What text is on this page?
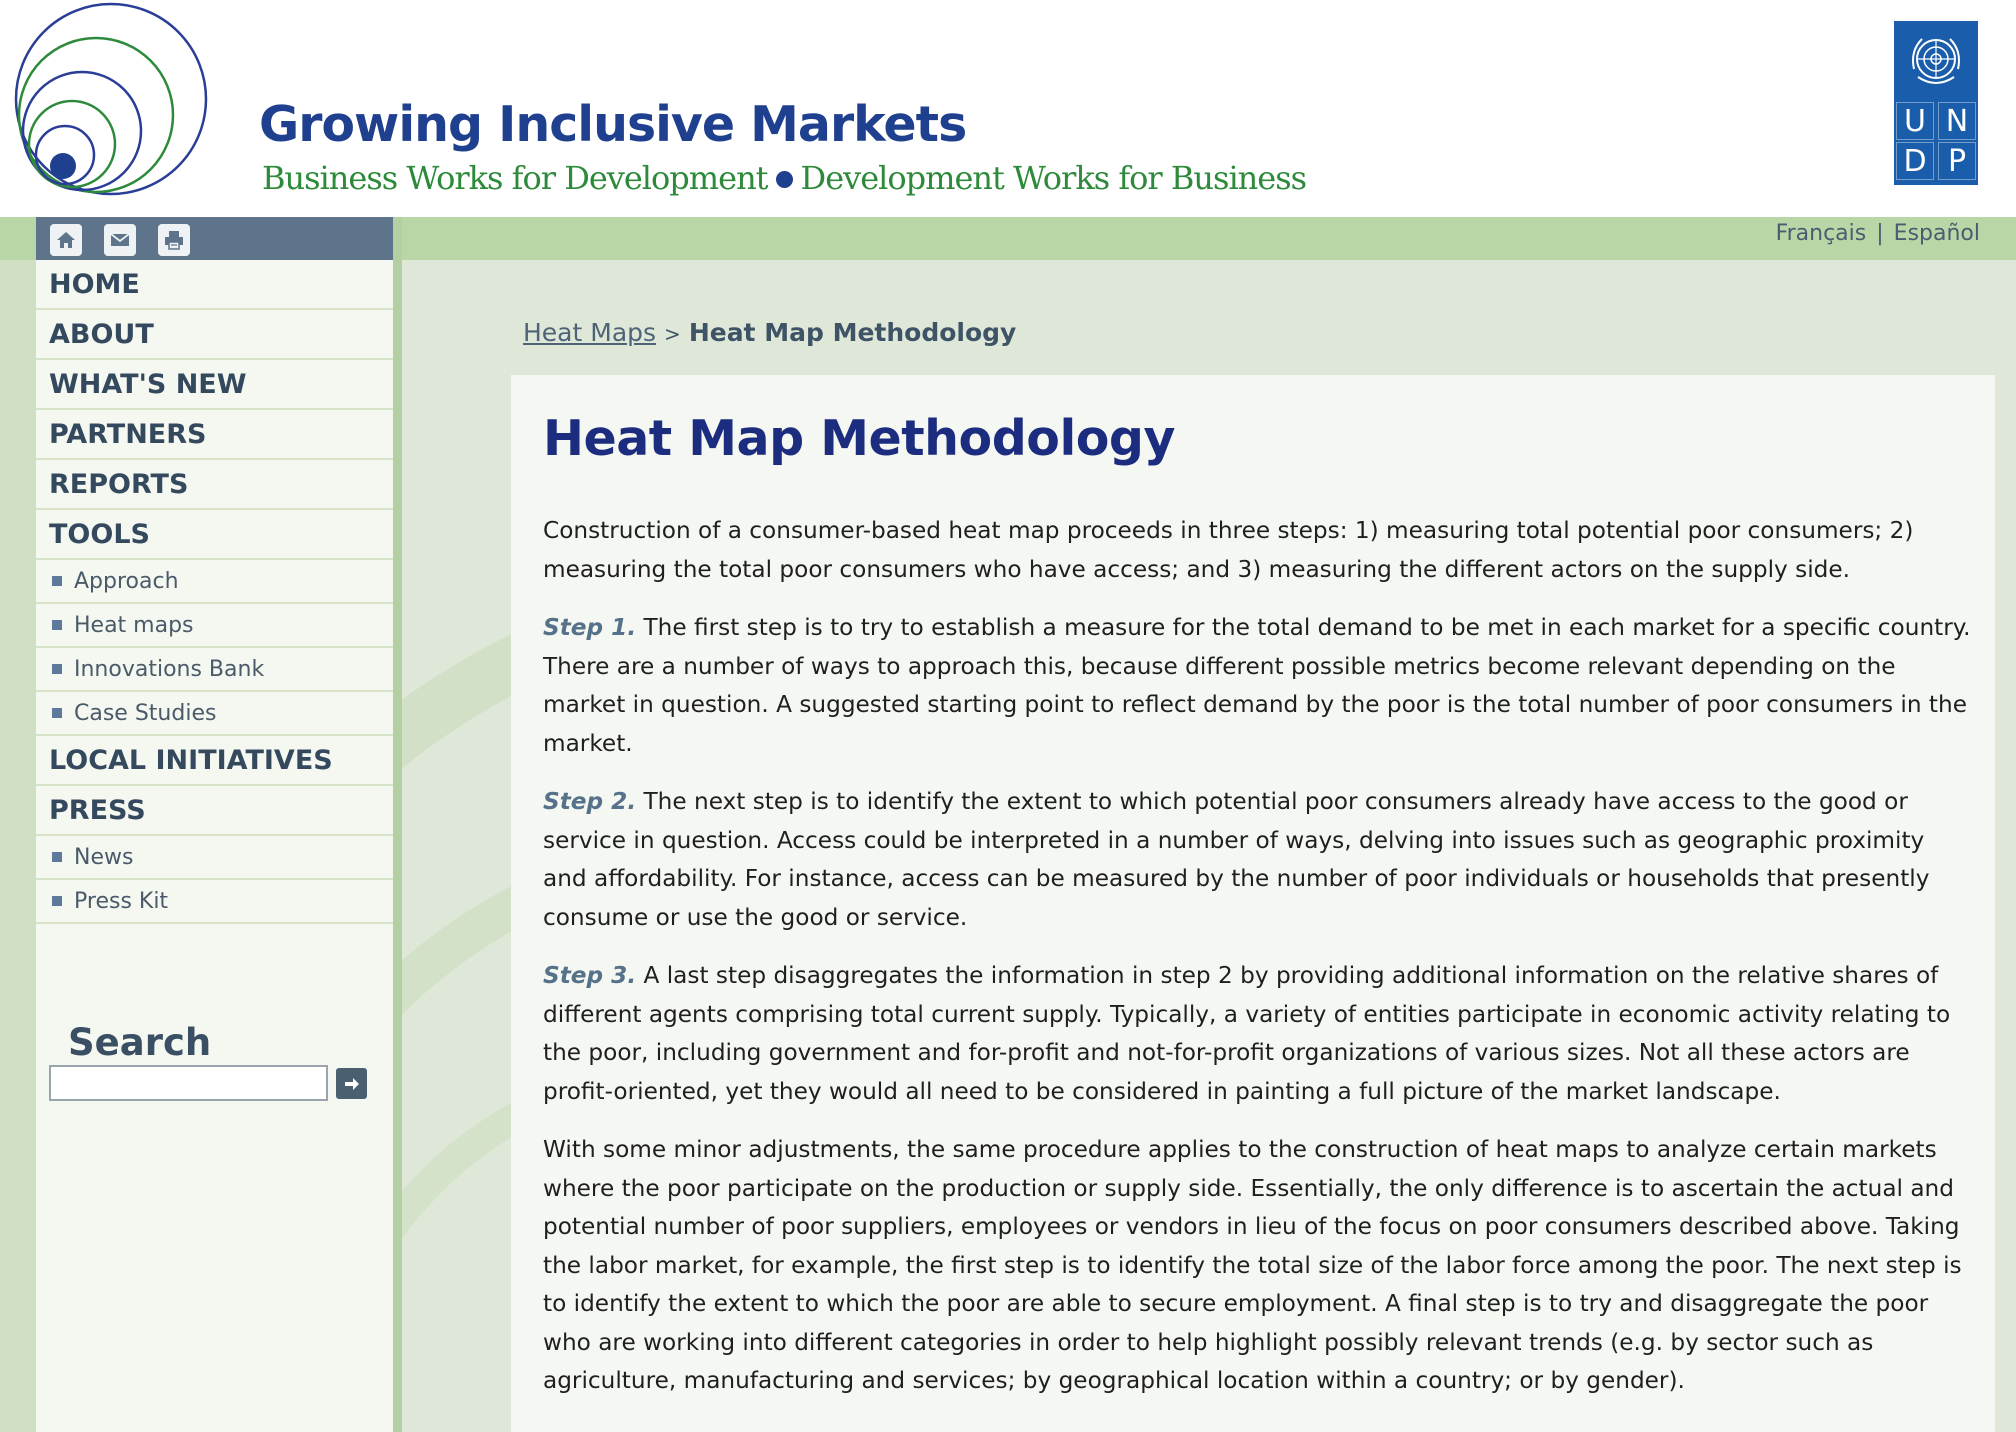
Growing Inclusive Markets

Business Works for Development Development Works for Business

U N
D P
Français | Español
HOME
ABOUT
WHAT'S NEW
PARTNERS
REPORTS
TOOLS
Approach
Heat maps
Innovations Bank
Case Studies
LOCAL INITIATIVES
PRESS
News
Press Kit
Search
Heat Maps > Heat Map Methodology
Heat Map Methodology

Construction of a consumer-based heat map proceeds in three steps: 1) measuring total potential poor consumers; 2) measuring the total poor consumers who have access; and 3) measuring the different actors on the supply side.

Step 1. The first step is to try to establish a measure for the total demand to be met in each market for a specific country. There are a number of ways to approach this, because different possible metrics become relevant depending on the market in question. A suggested starting point to reflect demand by the poor is the total number of poor consumers in the market.

Step 2. The next step is to identify the extent to which potential poor consumers already have access to the good or service in question. Access could be interpreted in a number of ways, delving into issues such as geographic proximity and affordability. For instance, access can be measured by the number of poor individuals or households that presently consume or use the good or service.

Step 3. A last step disaggregates the information in step 2 by providing additional information on the relative shares of different agents comprising total current supply. Typically, a variety of entities participate in economic activity relating to the poor, including government and for-profit and not-for-profit organizations of various sizes. Not all these actors are profit-oriented, yet they would all need to be considered in painting a full picture of the market landscape.

With some minor adjustments, the same procedure applies to the construction of heat maps to analyze certain markets where the poor participate on the production or supply side. Essentially, the only difference is to ascertain the actual and potential number of poor suppliers, employees or vendors in lieu of the focus on poor consumers described above. Taking the labor market, for example, the first step is to identify the total size of the labor force among the poor. The next step is to identify the extent to which the poor are able to secure employment. A final step is to try and disaggregate the poor who are working into different categories in order to help highlight possibly relevant trends (e.g. by sector such as agriculture, manufacturing and services; by geographical location within a country; or by gender).
